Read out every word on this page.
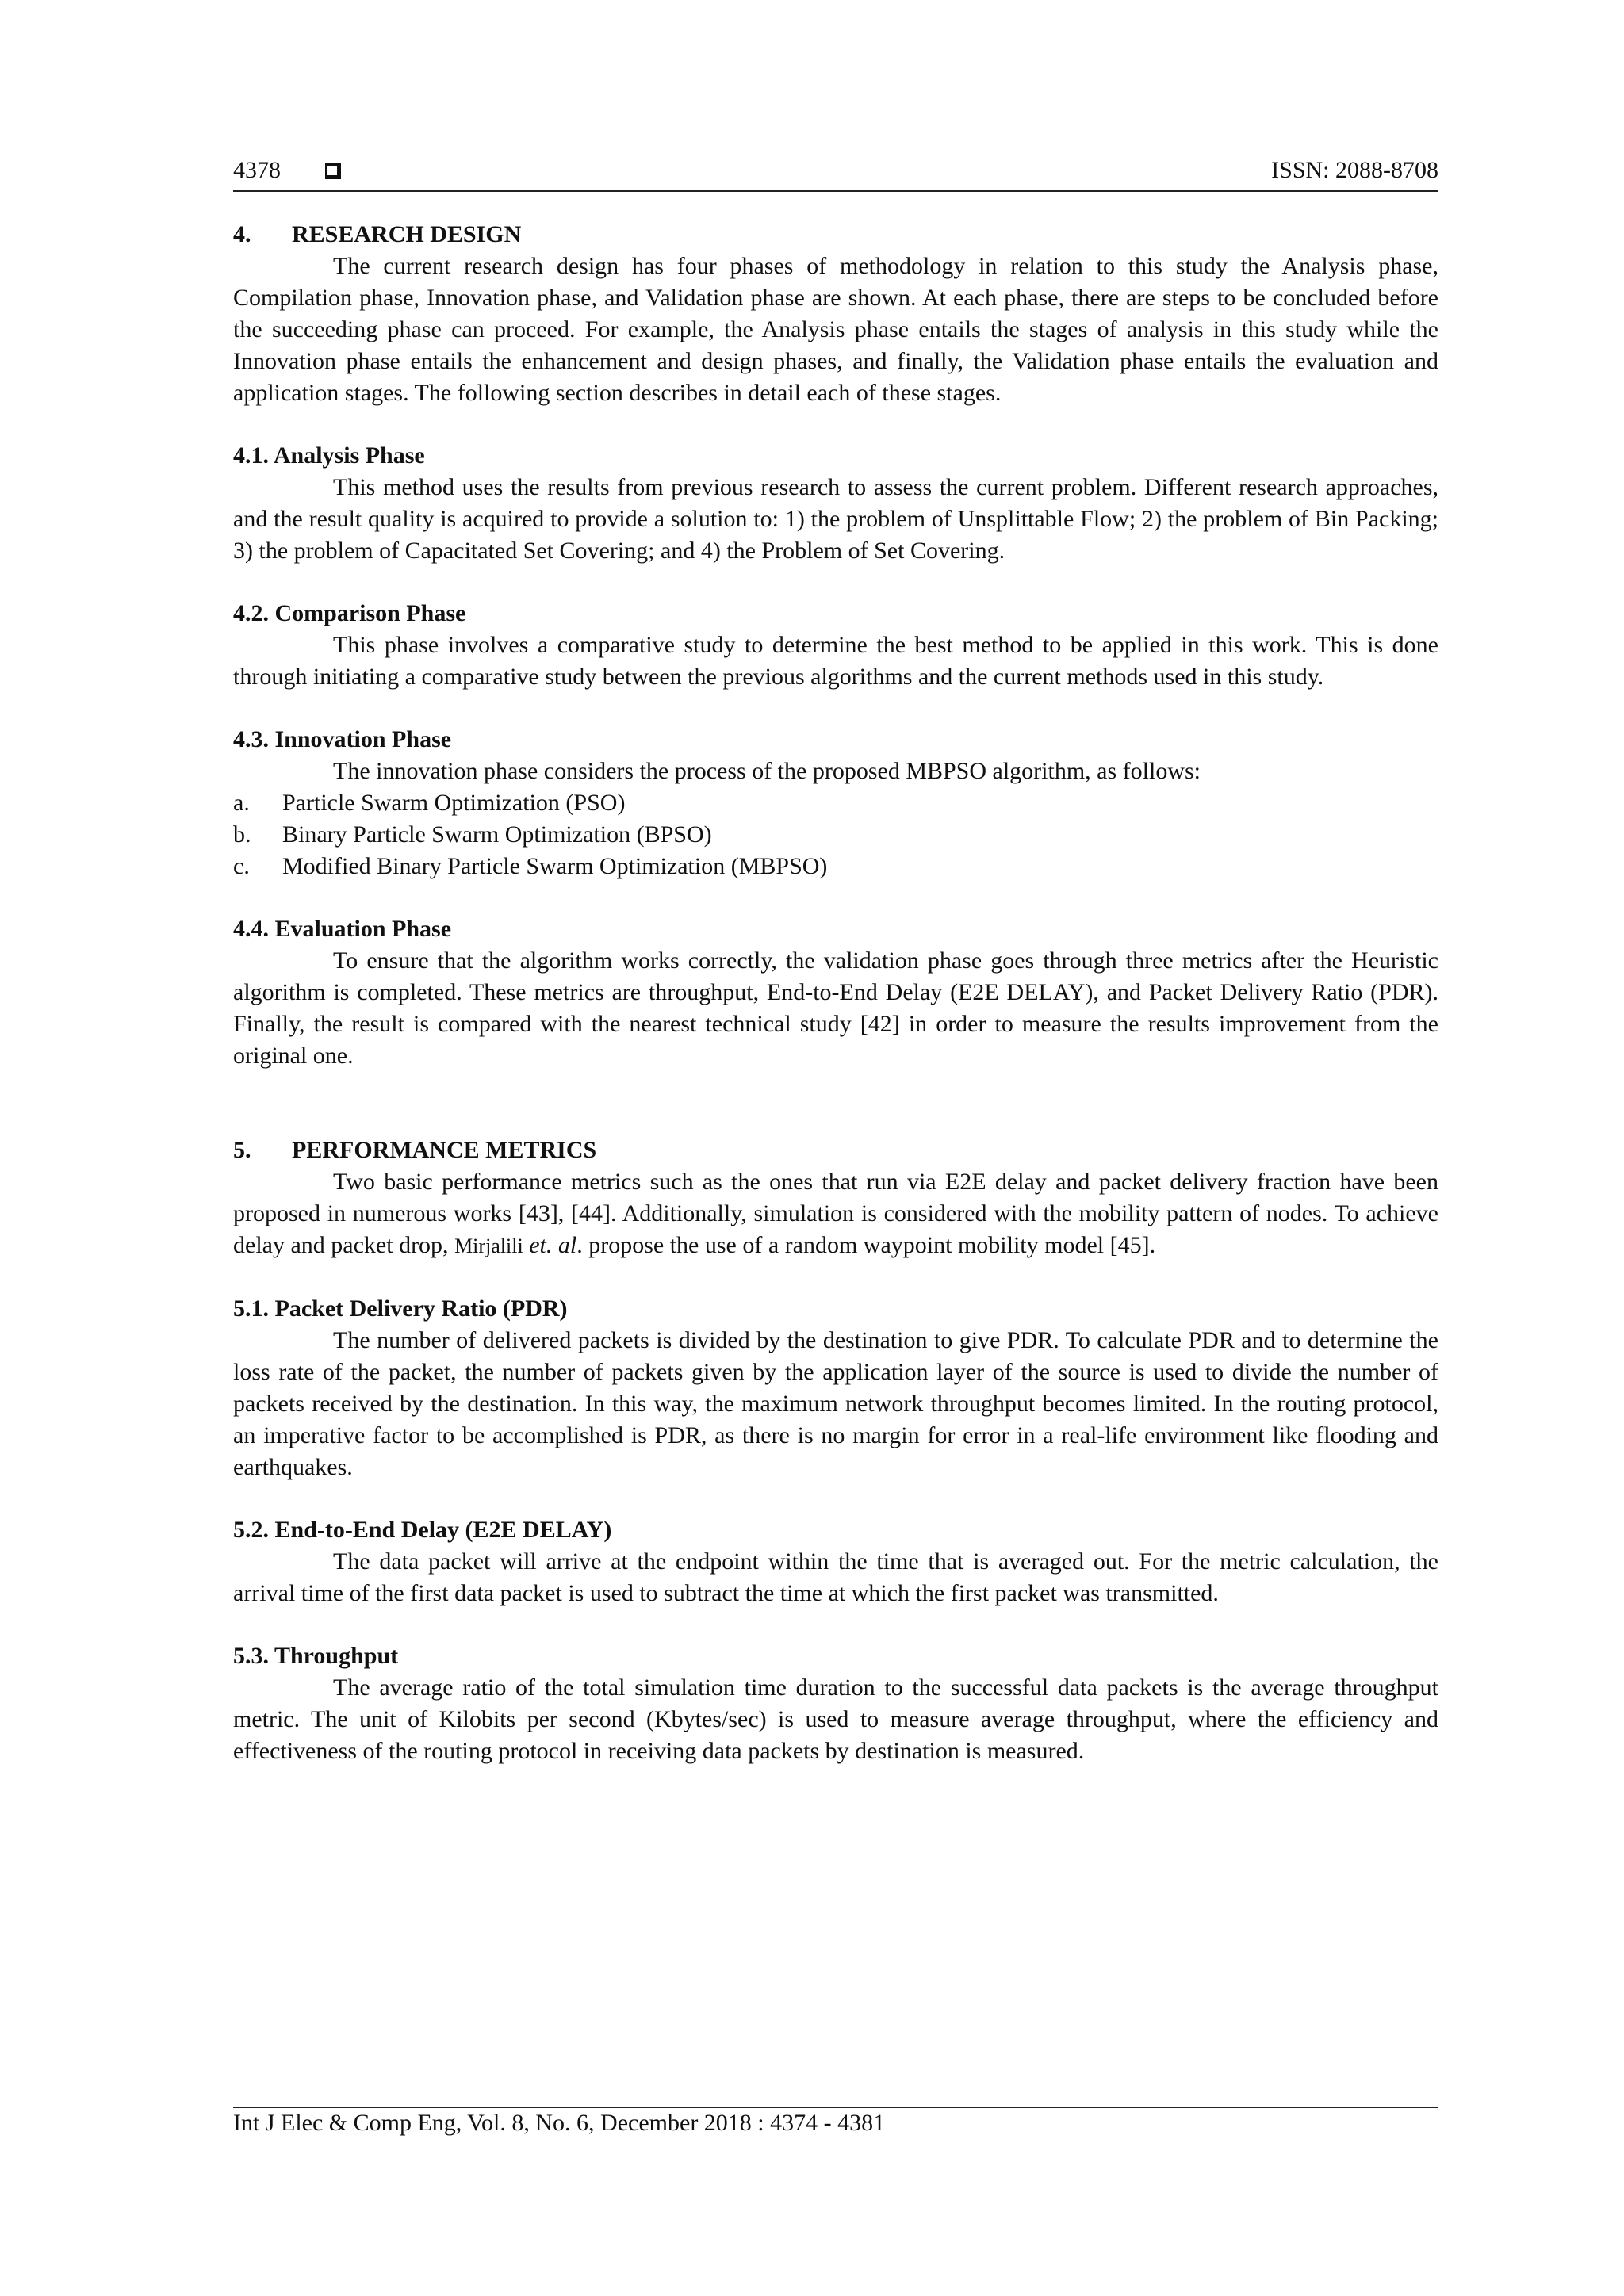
4378	ISSN: 2088-8708

4. RESEARCH DESIGN

The current research design has four phases of methodology in relation to this study the Analysis phase, Compilation phase, Innovation phase, and Validation phase are shown. At each phase, there are steps to be concluded before the succeeding phase can proceed. For example, the Analysis phase entails the stages of analysis in this study while the Innovation phase entails the enhancement and design phases, and finally, the Validation phase entails the evaluation and application stages. The following section describes in detail each of these stages.

4.1. Analysis Phase

This method uses the results from previous research to assess the current problem. Different research approaches, and the result quality is acquired to provide a solution to: 1) the problem of Unsplittable Flow; 2) the problem of Bin Packing; 3) the problem of Capacitated Set Covering; and 4) the Problem of Set Covering.

4.2. Comparison Phase

This phase involves a comparative study to determine the best method to be applied in this work. This is done through initiating a comparative study between the previous algorithms and the current methods used in this study.

4.3. Innovation Phase

The innovation phase considers the process of the proposed MBPSO algorithm, as follows:

a.	Particle Swarm Optimization (PSO)
b.	Binary Particle Swarm Optimization (BPSO)
c.	Modified Binary Particle Swarm Optimization (MBPSO)

4.4. Evaluation Phase

To ensure that the algorithm works correctly, the validation phase goes through three metrics after the Heuristic algorithm is completed. These metrics are throughput, End-to-End Delay (E2E DELAY), and Packet Delivery Ratio (PDR). Finally, the result is compared with the nearest technical study [42] in order to measure the results improvement from the original one.

5. PERFORMANCE METRICS

Two basic performance metrics such as the ones that run via E2E delay and packet delivery fraction have been proposed in numerous works [43], [44]. Additionally, simulation is considered with the mobility pattern of nodes. To achieve delay and packet drop, Mirjalili et. al. propose the use of a random waypoint mobility model [45].

5.1. Packet Delivery Ratio (PDR)

The number of delivered packets is divided by the destination to give PDR. To calculate PDR and to determine the loss rate of the packet, the number of packets given by the application layer of the source is used to divide the number of packets received by the destination. In this way, the maximum network throughput becomes limited. In the routing protocol, an imperative factor to be accomplished is PDR, as there is no margin for error in a real-life environment like flooding and earthquakes.

5.2. End-to-End Delay (E2E DELAY)

The data packet will arrive at the endpoint within the time that is averaged out. For the metric calculation, the arrival time of the first data packet is used to subtract the time at which the first packet was transmitted.

5.3. Throughput

The average ratio of the total simulation time duration to the successful data packets is the average throughput metric. The unit of Kilobits per second (Kbytes/sec) is used to measure average throughput, where the efficiency and effectiveness of the routing protocol in receiving data packets by destination is measured.

Int J Elec & Comp Eng, Vol. 8, No. 6, December 2018 : 4374 - 4381
